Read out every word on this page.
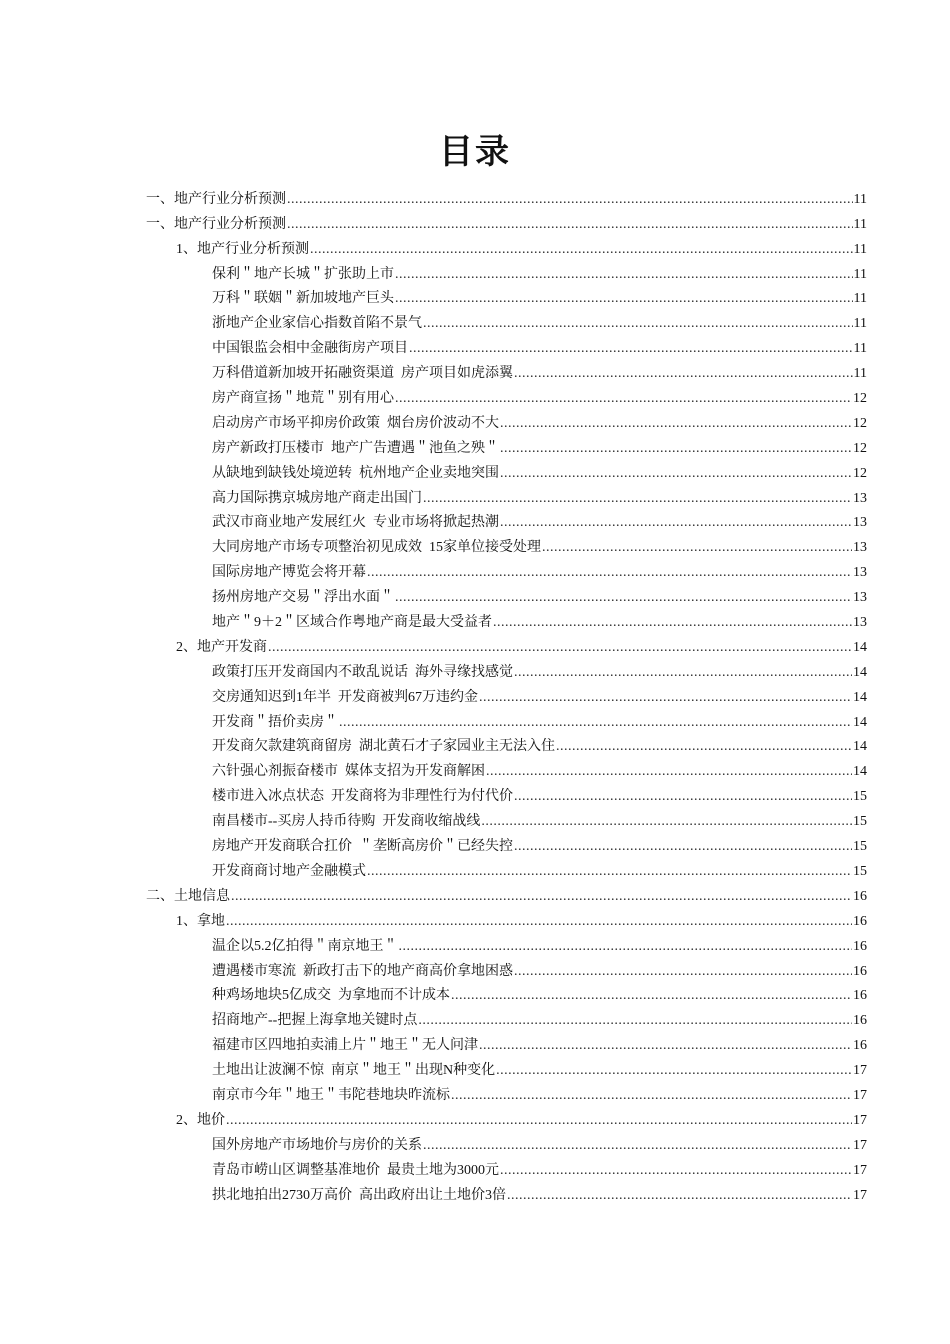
目录
一、地产行业分析预测 .....	11
一、地产行业分析预测 .....	11
1、地产行业分析预测 .....	11
保利＂地产长城＂扩张助上市 .....	11
万科＂联姻＂新加坡地产巨头 .....	11
浙地产企业家信心指数首陷不景气 .....	11
中国银监会相中金融街房产项目 .....	11
万科借道新加坡开拓融资渠道  房产项目如虎添翼 .....	11
房产商宣扬＂地荒＂别有用心 .....	12
启动房产市场平抑房价政策  烟台房价波动不大 .....	12
房产新政打压楼市  地产广告遭遇＂池鱼之殃＂ .....	12
从缺地到缺钱处境逆转  杭州地产企业卖地突围 .....	12
高力国际携京城房地产商走出国门 .....	13
武汉市商业地产发展红火  专业市场将掀起热潮 .....	13
大同房地产市场专项整治初见成效  15家单位接受处理 .....	13
国际房地产博览会将开幕 .....	13
扬州房地产交易＂浮出水面＂ .....	13
地产＂9＋2＂区域合作粤地产商是最大受益者 .....	13
2、地产开发商 .....	14
政策打压开发商国内不敢乱说话  海外寻缘找感觉 .....	14
交房通知迟到1年半  开发商被判67万违约金 .....	14
开发商＂捂价卖房＂ .....	14
开发商欠款建筑商留房  湖北黄石才子家园业主无法入住 .....	14
六针强心剂振奋楼市  媒体支招为开发商解困 .....	14
楼市进入冰点状态  开发商将为非理性行为付代价 .....	15
南昌楼市--买房人持币待购  开发商收缩战线 .....	15
房地产开发商联合扛价  ＂垄断高房价＂已经失控 .....	15
开发商商讨地产金融模式 .....	15
二、土地信息 .....	16
1、拿地 .....	16
温企以5.2亿拍得＂南京地王＂ .....	16
遭遇楼市寒流  新政打击下的地产商高价拿地困惑 .....	16
种鸡场地块5亿成交  为拿地而不计成本 .....	16
招商地产--把握上海拿地关键时点 .....	16
福建市区四地拍卖浦上片＂地王＂无人问津 .....	16
土地出让波澜不惊  南京＂地王＂出现N种变化 .....	17
南京市今年＂地王＂韦陀巷地块昨流标 .....	17
2、地价 .....	17
国外房地产市场地价与房价的关系 .....	17
青岛市崂山区调整基准地价  最贵土地为3000元 .....	17
拱北地拍出2730万高价  高出政府出让土地价3倍 .....	17
